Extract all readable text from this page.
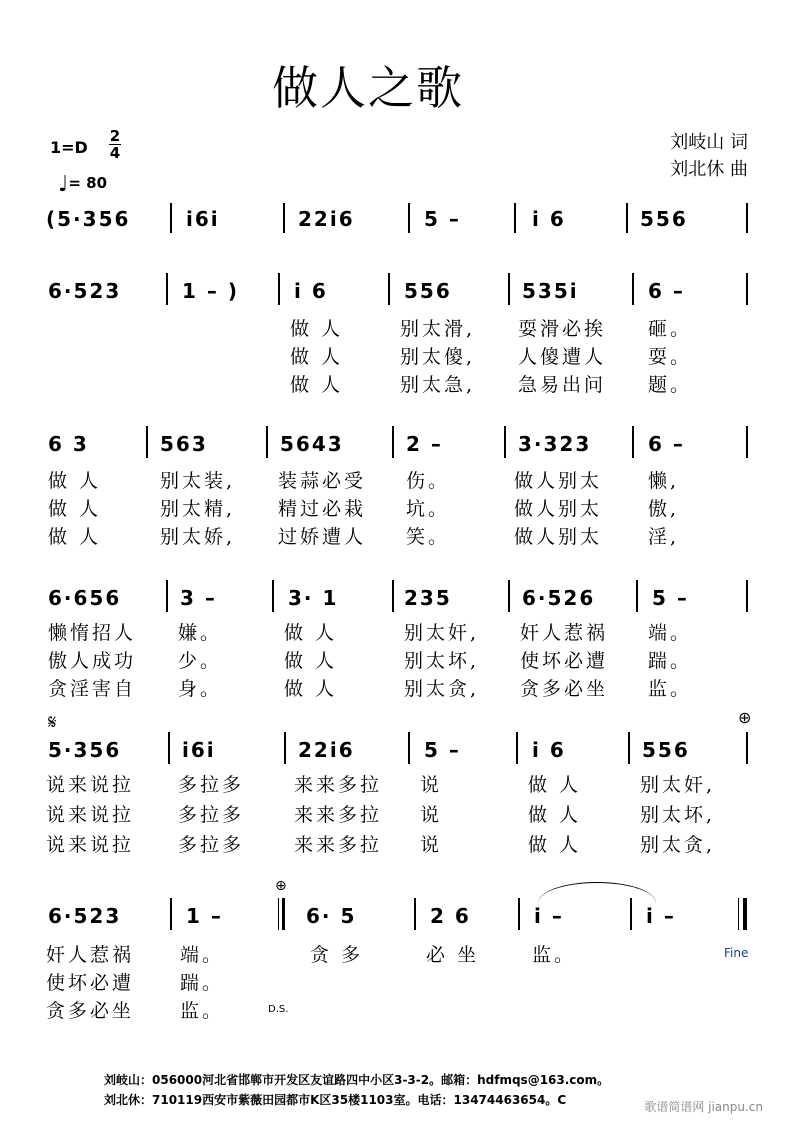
做人之歌
1=D
2
4
♩= 80
刘岐山 词
刘北休 曲
(5·356	i6i	22i6	5 –	i 6	556
6·523	1 – )	i 6	556	535i	6 –
做 人	别太滑, 耍滑必挨 砸。
做 人	别太傻, 人傻遭人 耍。
做 人	别太急, 急易出问 题。
6 3	563	5643	2 –	3·323	6 –
做 人	别太装, 装蒜必受 伤。	做人别太 懒,
做 人	别太精, 精过必栽 坑。	做人别太 傲,
做 人	别太娇, 过娇遭人 笑。	做人别太 淫,
6·656	3 –	3· 1	235	6·526	5 –
懒惰招人 嫌。	做 人	别太奸, 奸人惹祸 端。
傲人成功 少。	做 人	别太坏, 使坏必遭 踹。
贪淫害自 身。	做 人	别太贪, 贪多必坐 监。
𝄋	⊕
5·356	i6i	22i6	5 –	i 6	556
说来说拉 多拉多	来来多拉 说	做 人	别太奸,
说来说拉 多拉多	来来多拉 说	做 人	别太坏,
说来说拉 多拉多	来来多拉 说	做 人	别太贪,
⊕
6·523	1 –	6· 5	2 6	i –	i –
奸人惹祸 端。	贪 多	必 坐	监。
使坏必遭 踹。
贪多必坐 监。	D.S.
Fine
刘岐山：056000河北省邯郸市开发区友谊路四中小区3-3-2。邮箱：hdfmqs@163.com。
刘北休：710119西安市紫薇田园都市K区35楼1103室。电话：13474463654。C	歌谱简谱网 jianpu.cn
